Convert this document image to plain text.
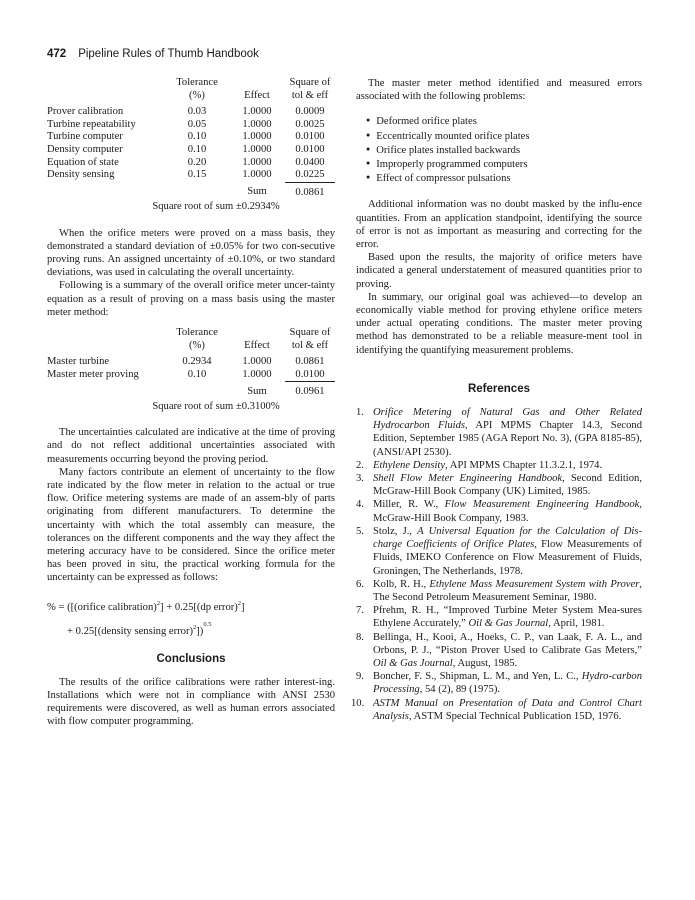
472 Pipeline Rules of Thumb Handbook
	Tolerance		Square of
	(%)	Effect	tol & eff

Prover calibration	0.03	1.0000	0.0009
Turbine repeatability	0.05	1.0000	0.0025
Turbine computer	0.10	1.0000	0.0100
Density computer	0.10	1.0000	0.0100
Equation of state	0.20	1.0000	0.0400
Density sensing	0.15	1.0000	0.0225
		Sum	0.0861
Square root of sum ±0.2934%

When the orifice meters were proved on a mass basis, they demonstrated a standard deviation of ±0.05% for two con-secutive proving runs. An assigned uncertainty of ±0.10%, or two standard deviations, was used in calculating the overall uncertainty.

Following is a summary of the overall orifice meter uncer-tainty equation as a result of proving on a mass basis using the master meter method:

	Tolerance		Square of
	(%)	Effect	tol & eff

Master turbine	0.2934	1.0000	0.0861
Master meter proving	0.10	1.0000	0.0100
		Sum	0.0961
Square root of sum ±0.3100%

The uncertainties calculated are indicative at the time of proving and do not reflect additional uncertainties associated with measurements occurring beyond the proving period.

Many factors contribute an element of uncertainty to the flow rate indicated by the flow meter in relation to the actual or true flow. Orifice metering systems are made of an assem-bly of parts originating from different manufacturers. To determine the uncertainty with which the total assembly can measure, the tolerances on the different components and the way they affect the metering accuracy have to be considered. Since the orifice meter has been proved in situ, the practical working formula for the uncertainty can be expressed as follows:

% = ([(orifice calibration)$^2$] + 0.25[(dp error)$^2$]
+ 0.25[(density sensing error)$^2$])$^{0.5}$
Conclusions

The results of the orifice calibrations were rather interest-ing. Installations which were not in compliance with ANSI 2530 requirements were discovered, as well as human errors associated with flow computer programming.

The master meter method identified and measured errors associated with the following problems:

● Deformed orifice plates
● Eccentrically mounted orifice plates
● Orifice plates installed backwards
● Improperly programmed computers
● Effect of compressor pulsations

Additional information was no doubt masked by the influ-ence quantities. From an application standpoint, identifying the source of error is not as important as measuring and correcting for the error.

Based upon the results, the majority of orifice meters have indicated a general understatement of measured quantities prior to proving.

In summary, our original goal was achieved—to develop an economically viable method for proving ethylene orifice meters under actual operating conditions. The master meter proving method has demonstrated to be a reliable measure-ment tool in identifying the quantifying measurement problems.

References
1. Orifice Metering of Natural Gas and Other Related Hydrocarbon Fluids, API MPMS Chapter 14.3, Second Edition, September 1985 (AGA Report No. 3), (GPA 8185-85), (ANSI/API 2530).
2. Ethylene Density, API MPMS Chapter 11.3.2.1, 1974.
3. Shell Flow Meter Engineering Handbook, Second Edition, McGraw-Hill Book Company (UK) Limited, 1985.
4. Miller, R. W., Flow Measurement Engineering Handbook, McGraw-Hill Book Company, 1983.
5. Stolz, J., A Universal Equation for the Calculation of Dis-charge Coefficients of Orifice Plates, Flow Measurements of Fluids, IMEKO Conference on Flow Measurement of Fluids, Groningen, The Netherlands, 1978.
6. Kolb, R. H., Ethylene Mass Measurement System with Prover, The Second Petroleum Measurement Seminar, 1980.
7. Pfrehm, R. H., “Improved Turbine Meter System Mea-sures Ethylene Accurately,” Oil & Gas Journal, April, 1981.
8. Bellinga, H., Kooi, A., Hoeks, C. P., van Laak, F. A. L., and Orbons, P. J., “Piston Prover Used to Calibrate Gas Meters,” Oil & Gas Journal, August, 1985.
9. Boncher, F. S., Shipman, L. M., and Yen, L. C., Hydro-carbon Processing, 54 (2), 89 (1975).
10. ASTM Manual on Presentation of Data and Control Chart Analysis, ASTM Special Technical Publication 15D, 1976.
